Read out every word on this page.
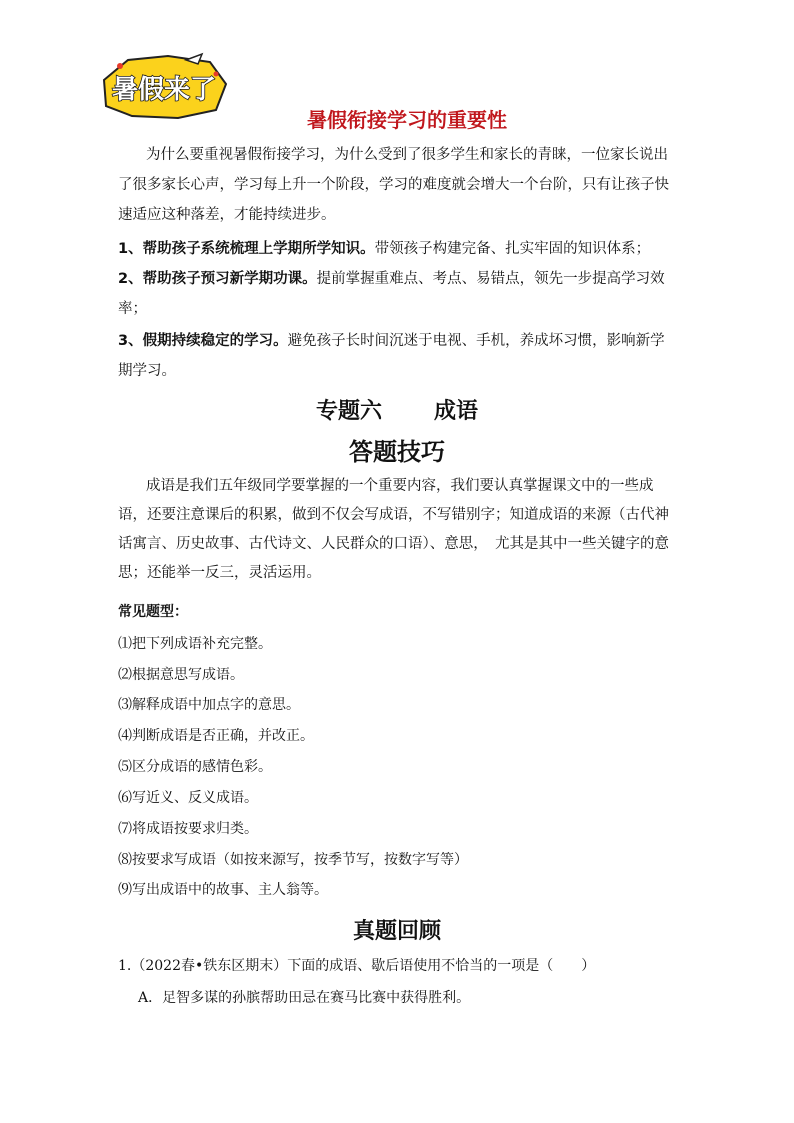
暑假来了
暑假衔接学习的重要性
为什么要重视暑假衔接学习，为什么受到了很多学生和家长的青睐，一位家长说出了很多家长心声，学习每上升一个阶段，学习的难度就会增大一个台阶，只有让孩子快速适应这种落差，才能持续进步。
1、帮助孩子系统梳理上学期所学知识。带领孩子构建完备、扎实牢固的知识体系；
2、帮助孩子预习新学期功课。提前掌握重难点、考点、易错点，领先一步提高学习效率；
3、假期持续稳定的学习。避免孩子长时间沉迷于电视、手机，养成坏习惯，影响新学期学习。
专题六 成语
答题技巧
成语是我们五年级同学要掌握的一个重要内容，我们要认真掌握课文中的一些成语，还要注意课后的积累，做到不仅会写成语，不写错别字；知道成语的来源（古代神话寓言、历史故事、古代诗文、人民群众的口语）、意思，　尤其是其中一些关键字的意思；还能举一反三，灵活运用。
常见题型：
⑴把下列成语补充完整。
⑵根据意思写成语。
⑶解释成语中加点字的意思。
⑷判断成语是否正确，并改正。
⑸区分成语的感情色彩。
⑹写近义、反义成语。
⑺将成语按要求归类。
⑻按要求写成语（如按来源写，按季节写，按数字写等）
⑼写出成语中的故事、主人翁等。
真题回顾
1.（2022春•铁东区期末）下面的成语、歇后语使用不恰当的一项是（　　）
A．足智多谋的孙膑帮助田忌在赛马比赛中获得胜利。
